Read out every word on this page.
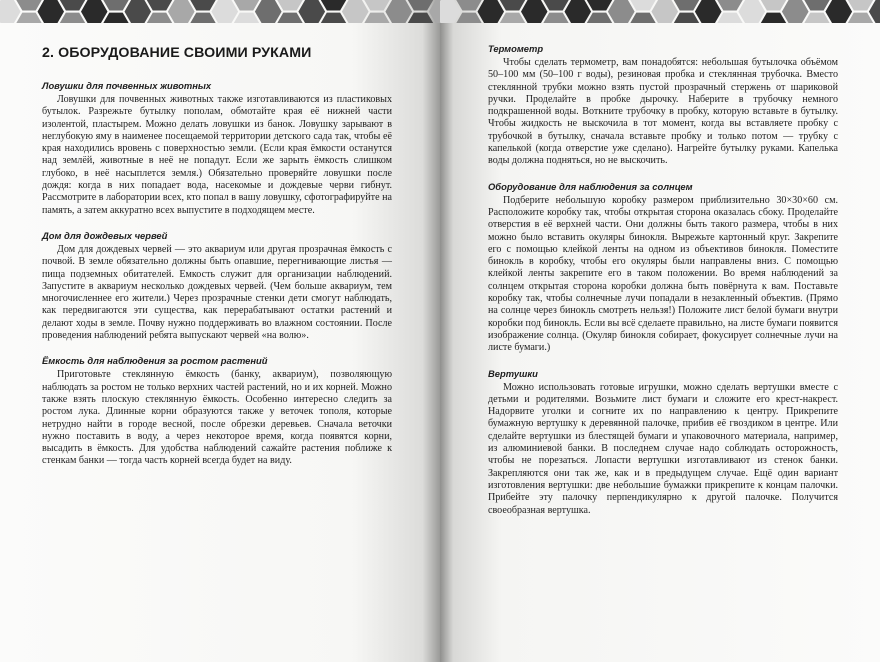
2. ОБОРУДОВАНИЕ СВОИМИ РУКАМИ
Ловушки для почвенных животных

Ловушки для почвенных животных также изготавливаются из пластиковых бутылок. Разрежьте бутылку пополам, обмотайте края её нижней части изолентой, пластырем. Можно делать ловушки из банок. Ловушку зарывают в неглубокую яму в наименее посещаемой территории детского сада так, чтобы её края находились вровень с поверхностью земли. (Если края ёмкости останутся над землёй, животные в неё не попадут. Если же зарыть ёмкость слишком глубоко, в неё насыплется земля.) Обязательно проверяйте ловушки после дождя: когда в них попадает вода, насекомые и дождевые черви гибнут. Рассмотрите в лаборатории всех, кто попал в вашу ловушку, сфотографируйте на память, а затем аккуратно всех выпустите в подходящем месте.

Дом для дождевых червей

Дом для дождевых червей — это аквариум или другая прозрачная ёмкость с почвой. В земле обязательно должны быть опавшие, перегнивающие листья — пища подземных обитателей. Емкость служит для организации наблюдений. Запустите в аквариум несколько дождевых червей. (Чем больше аквариум, тем многочисленнее его жители.) Через прозрачные стенки дети смогут наблюдать, как передвигаются эти существа, как перерабатывают остатки растений и делают ходы в земле. Почву нужно поддерживать во влажном состоянии. После проведения наблюдений ребята выпускают червей «на волю».

Ёмкость для наблюдения за ростом растений

Приготовьте стеклянную ёмкость (банку, аквариум), позволяющую наблюдать за ростом не только верхних частей растений, но и их корней. Можно также взять плоскую стеклянную ёмкость. Особенно интересно следить за ростом лука. Длинные корни образуются также у веточек тополя, которые нетрудно найти в городе весной, после обрезки деревьев. Сначала веточки нужно поставить в воду, а через некоторое время, когда появятся корни, высадить в ёмкость. Для удобства наблюдений сажайте растения поближе к стенкам банки — тогда часть корней всегда будет на виду.

Термометр

Чтобы сделать термометр, вам понадобятся: небольшая бутылочка объёмом 50–100 мм (50–100 г воды), резиновая пробка и стеклянная трубочка. Вместо стеклянной трубки можно взять пустой прозрачный стержень от шариковой ручки. Проделайте в пробке дырочку. Наберите в трубочку немного подкрашенной воды. Воткните трубочку в пробку, которую вставьте в бутылку. Чтобы жидкость не выскочила в тот момент, когда вы вставляете пробку с трубочкой в бутылку, сначала вставьте пробку и только потом — трубку с капелькой (когда отверстие уже сделано). Нагрейте бутылку руками. Капелька воды должна подняться, но не выскочить.

Оборудование для наблюдения за солнцем

Подберите небольшую коробку размером приблизительно 30×30×60 см. Расположите коробку так, чтобы открытая сторона оказалась сбоку. Проделайте отверстия в её верхней части. Они должны быть такого размера, чтобы в них можно было вставить окуляры бинокля. Вырежьте картонный круг. Закрепите его с помощью клейкой ленты на одном из объективов бинокля. Поместите бинокль в коробку, чтобы его окуляры были направлены вниз. С помощью клейкой ленты закрепите его в таком положении. Во время наблюдений за солнцем открытая сторона коробки должна быть повёрнута к вам. Поставьте коробку так, чтобы солнечные лучи попадали в незакленный объектив. (Прямо на солнце через бинокль смотреть нельзя!) Положите лист белой бумаги внутри коробки под бинокль. Если вы всё сделаете правильно, на листе бумаги появится изображение солнца. (Окуляр бинокля собирает, фокусирует солнечные лучи на листе бумаги.)

Вертушки

Можно использовать готовые игрушки, можно сделать вертушки вместе с детьми и родителями. Возьмите лист бумаги и сложите его крест-накрест. Надорвите уголки и согните их по направлению к центру. Прикрепите бумажную вертушку к деревянной палочке, прибив её гвоздиком в центре. Или сделайте вертушки из блестящей бумаги и упаковочного материала, например, из алюминиевой банки. В последнем случае надо соблюдать осторожность, чтобы не порезаться. Лопасти вертушки изготавливают из стенок банки. Закрепляются они так же, как и в предыдущем случае. Ещё один вариант изготовления вертушки: две небольшие бумажки прикрепите к концам палочки. Прибейте эту палочку перпендикулярно к другой палочке. Получится своеобразная вертушка.
